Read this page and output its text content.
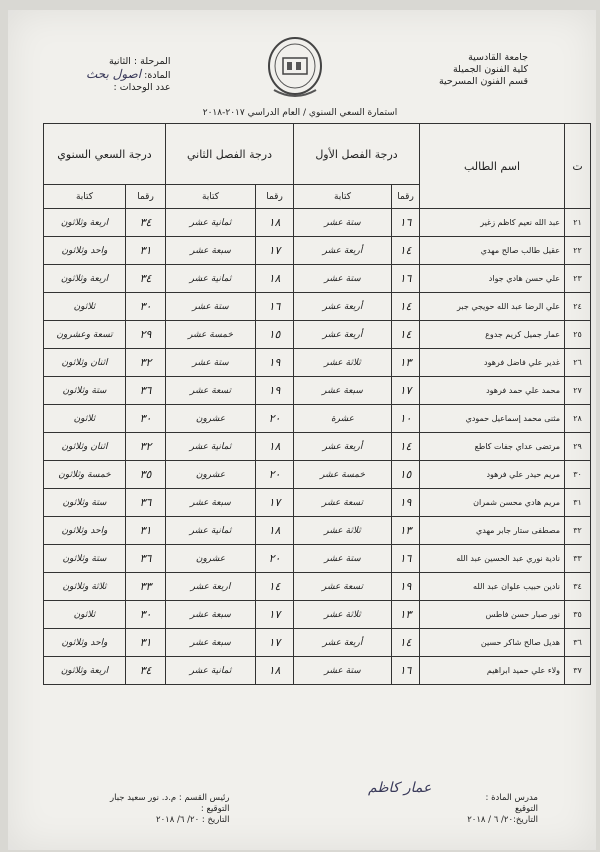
جامعة القادسية
كلية الفنون الجميلة
قسم الفنون المسرحية
المرحلة : الثانية
المادة: اصول بحث
عدد الوحدات :
استمارة السعي السنوي / العام الدراسي ٢٠١٧-٢٠١٨
ت	اسم الطالب	درجة الفصل الأول		درجة الفصل الثاني		درجة السعي السنوي	
		رقما	كتابة	رقما	كتابة	رقما	كتابة
٢١	عبد الله نعيم كاظم زغير	١٦	ستة عشر	١٨	ثمانية عشر	٣٤	اربعة وثلاثون
٢٢	عقيل طالب صالح مهدي	١٤	أربعة عشر	١٧	سبعة عشر	٣١	واحد وثلاثون
٢٣	علي حسن هادي جواد	١٦	ستة عشر	١٨	ثمانية عشر	٣٤	اربعة وثلاثون
٢٤	علي الرضا عبد الله حويجي جبر	١٤	أربعة عشر	١٦	ستة عشر	٣٠	ثلاثون
٢٥	عمار جميل كريم جدوع	١٤	أربعة عشر	١٥	خمسة عشر	٢٩	تسعة وعشرون
٢٦	غدير علي فاضل فرهود	١٣	ثلاثة عشر	١٩	ستة عشر	٣٢	اثنان وثلاثون
٢٧	محمد علي حمد فرهود	١٧	سبعة عشر	١٩	تسعة عشر	٣٦	ستة وثلاثون
٢٨	مثنى محمد إسماعيل حمودي	١٠	عشرة	٢٠	عشرون	٣٠	ثلاثون
٢٩	مرتضى عداي جفات كاطع	١٤	أربعة عشر	١٨	ثمانية عشر	٣٢	اثنان وثلاثون
٣٠	مريم حيدر علي فرهود	١٥	خمسة عشر	٢٠	عشرون	٣٥	خمسة وثلاثون
٣١	مريم هادي محسن شمران	١٩	تسعة عشر	١٧	سبعة عشر	٣٦	ستة وثلاثون
٣٢	مصطفى ستار جابر مهدي	١٣	ثلاثة عشر	١٨	ثمانية عشر	٣١	واحد وثلاثون
٣٣	نادية نوري عبد الحسين عبد الله	١٦	ستة عشر	٢٠	عشرون	٣٦	ستة وثلاثون
٣٤	نادين حبيب علوان عبد الله	١٩	تسعة عشر	١٤	اربعة عشر	٣٣	ثلاثة وثلاثون
٣٥	نور صبار حسن فاطس	١٣	ثلاثة عشر	١٧	سبعة عشر	٣٠	ثلاثون
٣٦	هديل صالح شاكر حسين	١٤	أربعة عشر	١٧	سبعة عشر	٣١	واحد وثلاثون
٣٧	ولاء علي حميد ابراهيم	١٦	ستة عشر	١٨	ثمانية عشر	٣٤	اربعة وثلاثون
مدرس المادة :
التوقيع
التاريخ:٢٠/ ٦ / ٢٠١٨
عمار كاظم
رئيس القسم : م.د. نور سعيد جبار
التوقيع :
التاريخ : ٢٠/ ٦/ ٢٠١٨
